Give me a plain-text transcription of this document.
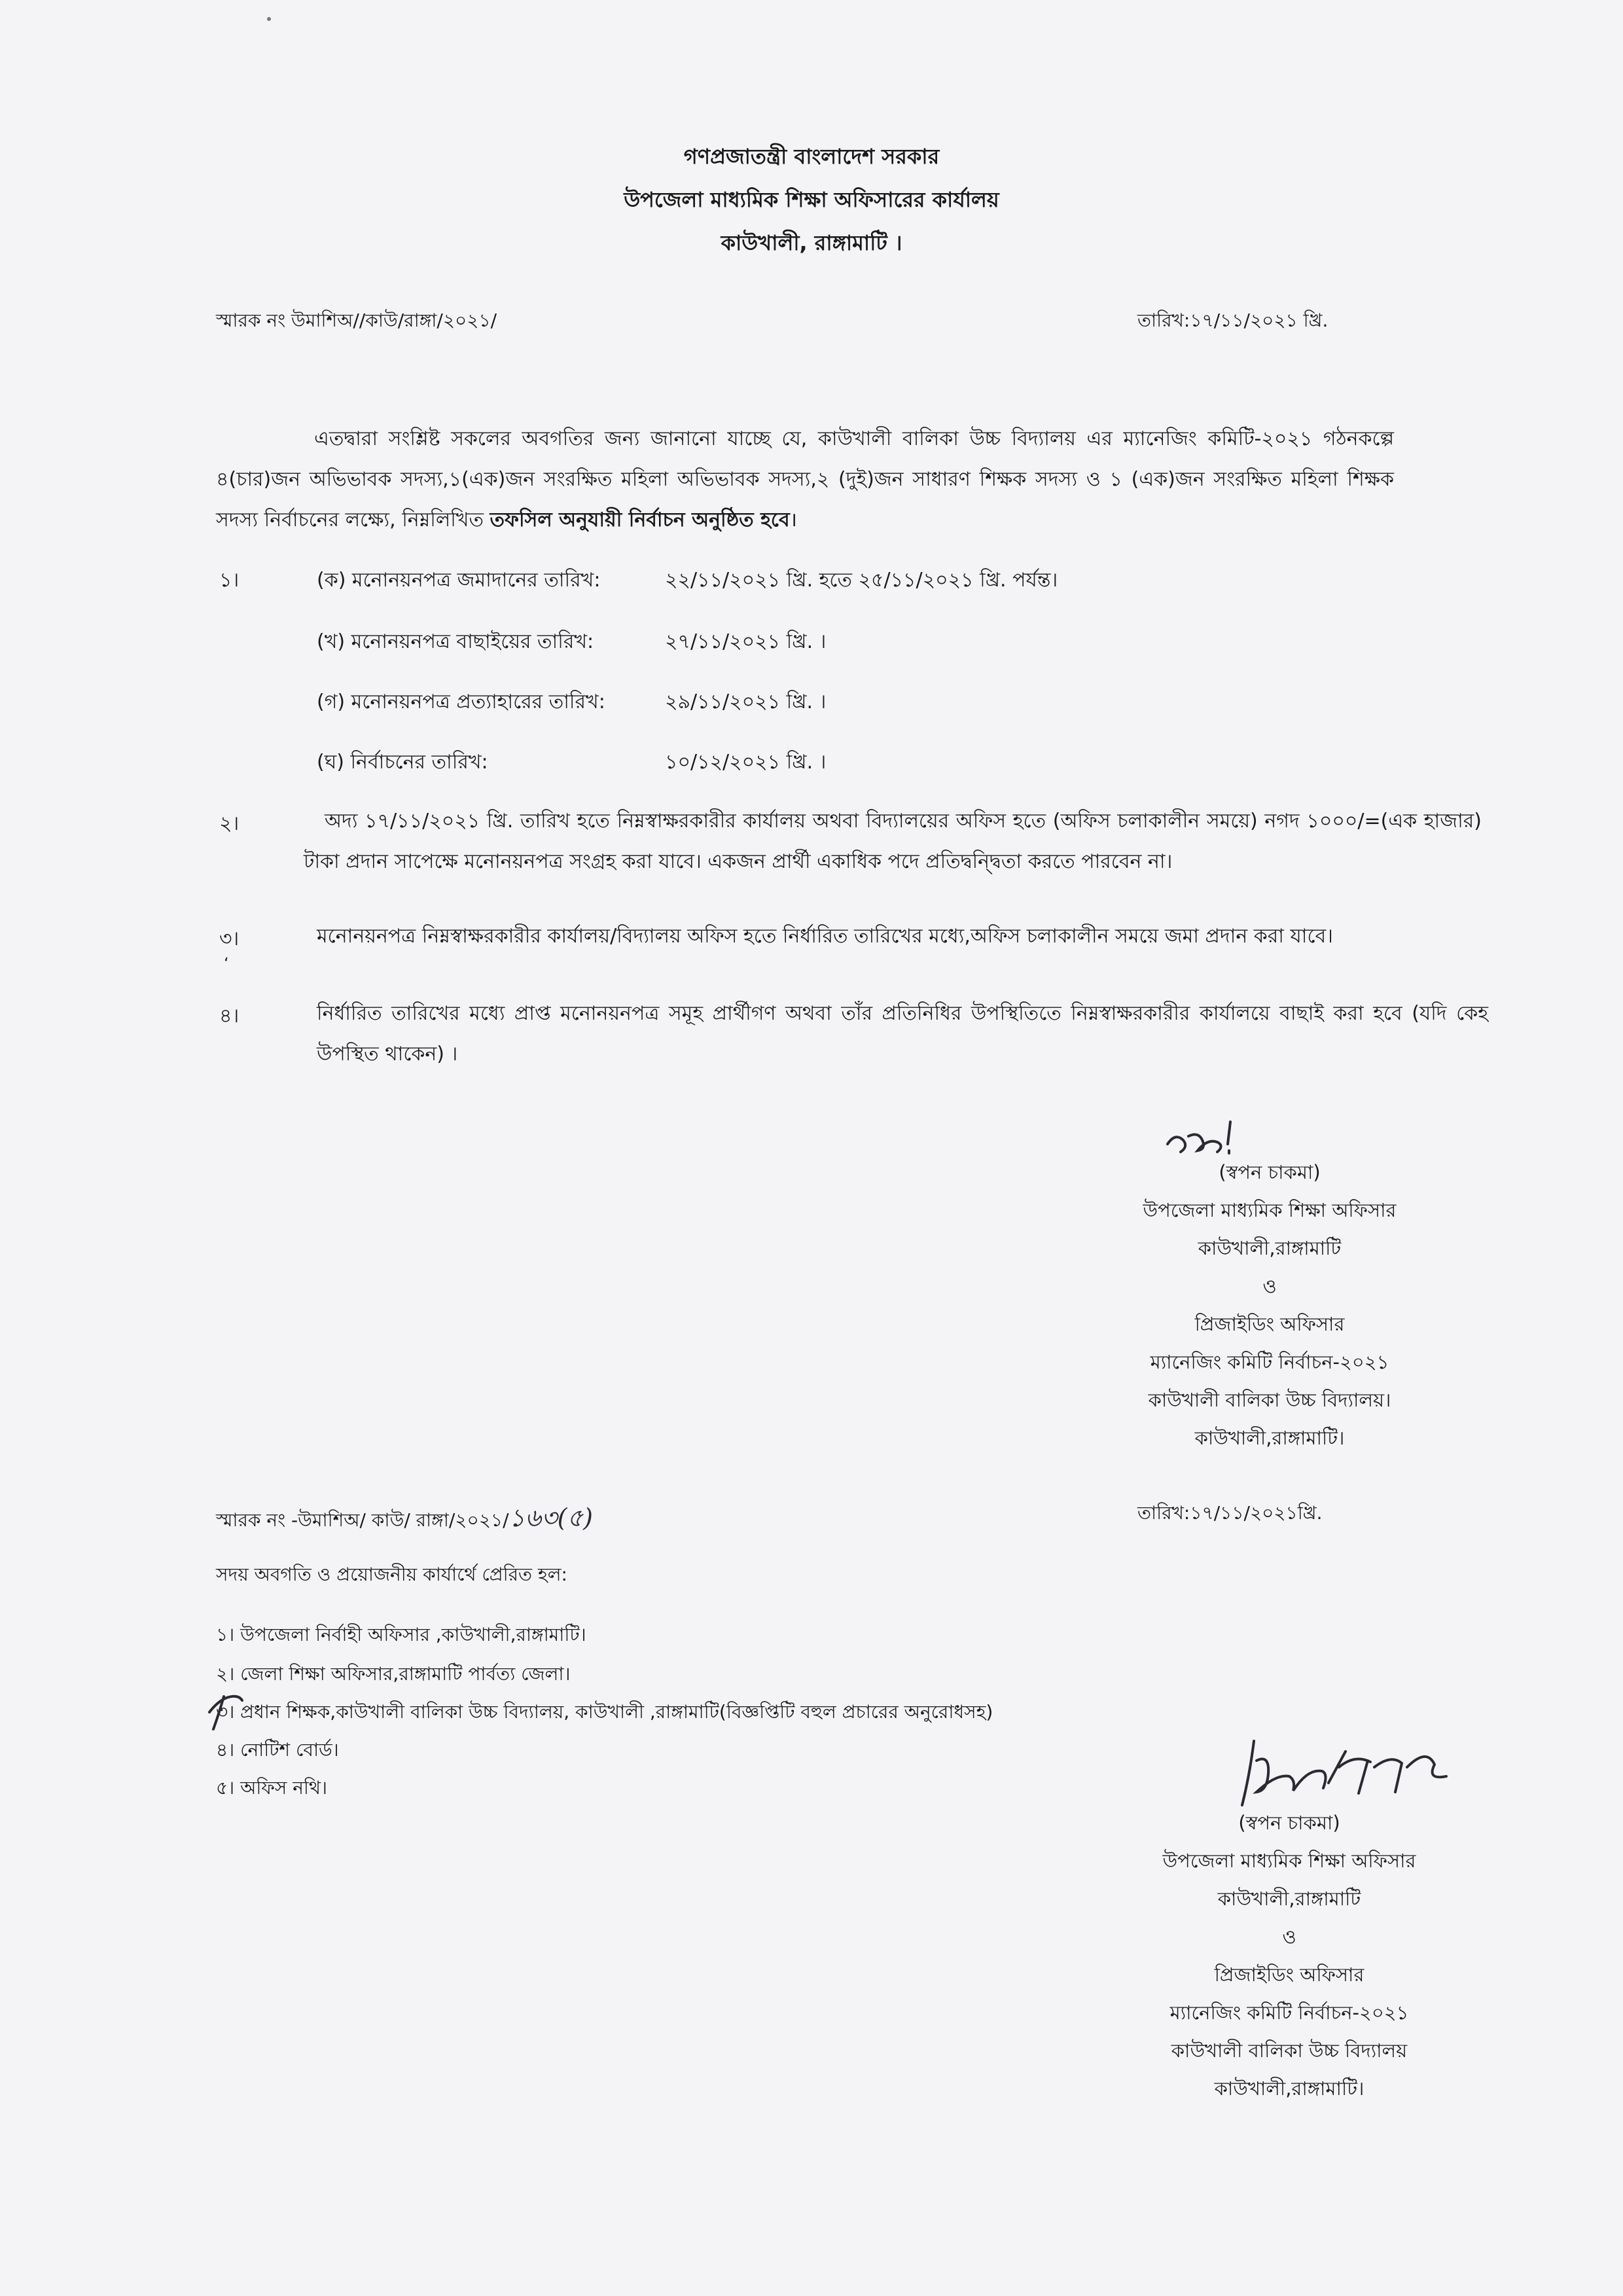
গণপ্রজাতন্ত্রী বাংলাদেশ সরকার
উপজেলা মাধ্যমিক শিক্ষা অফিসারের কার্যালয়
কাউখালী, রাঙ্গামাটি ।
স্মারক নং উমাশিঅ//কাউ/রাঙ্গা/২০২১/	তারিখ:১৭/১১/২০২১ খ্রি.
এতদ্বারা সংশ্লিষ্ট সকলের অবগতির জন্য জানানো যাচ্ছে যে, কাউখালী বালিকা উচ্চ বিদ্যালয় এর ম্যানেজিং কমিটি-২০২১ গঠনকল্পে ৪(চার)জন অভিভাবক সদস্য,১(এক)জন সংরক্ষিত মহিলা অভিভাবক সদস্য,২ (দুই)জন সাধারণ শিক্ষক সদস্য ও ১ (এক)জন সংরক্ষিত মহিলা শিক্ষক সদস্য নির্বাচনের লক্ষ্যে, নিম্নলিখিত তফসিল অনুযায়ী নির্বাচন অনুষ্ঠিত হবে।
১।	(ক) মনোনয়নপত্র জমাদানের তারিখ:	২২/১১/২০২১ খ্রি. হতে ২৫/১১/২০২১ খ্রি. পর্যন্ত।
(খ) মনোনয়নপত্র বাছাইয়ের তারিখ:	২৭/১১/২০২১ খ্রি. ।
(গ) মনোনয়নপত্র প্রত্যাহারের তারিখ:	২৯/১১/২০২১ খ্রি. ।
(ঘ) নির্বাচনের তারিখ:	১০/১২/২০২১ খ্রি. ।
২।	অদ্য ১৭/১১/২০২১ খ্রি. তারিখ হতে নিম্নস্বাক্ষরকারীর কার্যালয় অথবা বিদ্যালয়ের অফিস হতে (অফিস চলাকালীন সময়ে) নগদ ১০০০/=(এক হাজার) টাকা প্রদান সাপেক্ষে মনোনয়নপত্র সংগ্রহ করা যাবে। একজন প্রার্থী একাধিক পদে প্রতিদ্বন্দ্বিতা করতে পারবেন না।
৩।
‘
মনোনয়নপত্র নিম্নস্বাক্ষরকারীর কার্যালয়/বিদ্যালয় অফিস হতে নির্ধারিত তারিখের মধ্যে,অফিস চলাকালীন সময়ে জমা প্রদান করা যাবে।
৪।	নির্ধারিত তারিখের মধ্যে প্রাপ্ত মনোনয়নপত্র সমূহ প্রার্থীগণ অথবা তাঁর প্রতিনিধির উপস্থিতিতে নিম্নস্বাক্ষরকারীর কার্যালয়ে বাছাই করা হবে (যদি কেহ উপস্থিত থাকেন) ।
(স্বপন চাকমা)
উপজেলা মাধ্যমিক শিক্ষা অফিসার
কাউখালী,রাঙ্গামাটি
ও
প্রিজাইডিং অফিসার
ম্যানেজিং কমিটি নির্বাচন-২০২১
কাউখালী বালিকা উচ্চ বিদ্যালয়।
কাউখালী,রাঙ্গামাটি।
স্মারক নং -উমাশিঅ/ কাউ/ রাঙ্গা/২০২১/১৬৩(৫)	তারিখ:১৭/১১/২০২১খ্রি.
সদয় অবগতি ও প্রয়োজনীয় কার্যার্থে প্রেরিত হল:
১। উপজেলা নির্বাহী অফিসার ,কাউখালী,রাঙ্গামাটি।
২। জেলা শিক্ষা অফিসার,রাঙ্গামাটি পার্বত্য জেলা।
৩। প্রধান শিক্ষক,কাউখালী বালিকা উচ্চ বিদ্যালয়, কাউখালী ,রাঙ্গামাটি(বিজ্ঞপ্তিটি বহুল প্রচারের অনুরোধসহ)
৪। নোটিশ বোর্ড।
৫। অফিস নথি।
(স্বপন চাকমা)
উপজেলা মাধ্যমিক শিক্ষা অফিসার
কাউখালী,রাঙ্গামাটি
ও
প্রিজাইডিং অফিসার
ম্যানেজিং কমিটি নির্বাচন-২০২১
কাউখালী বালিকা উচ্চ বিদ্যালয়
কাউখালী,রাঙ্গামাটি।
